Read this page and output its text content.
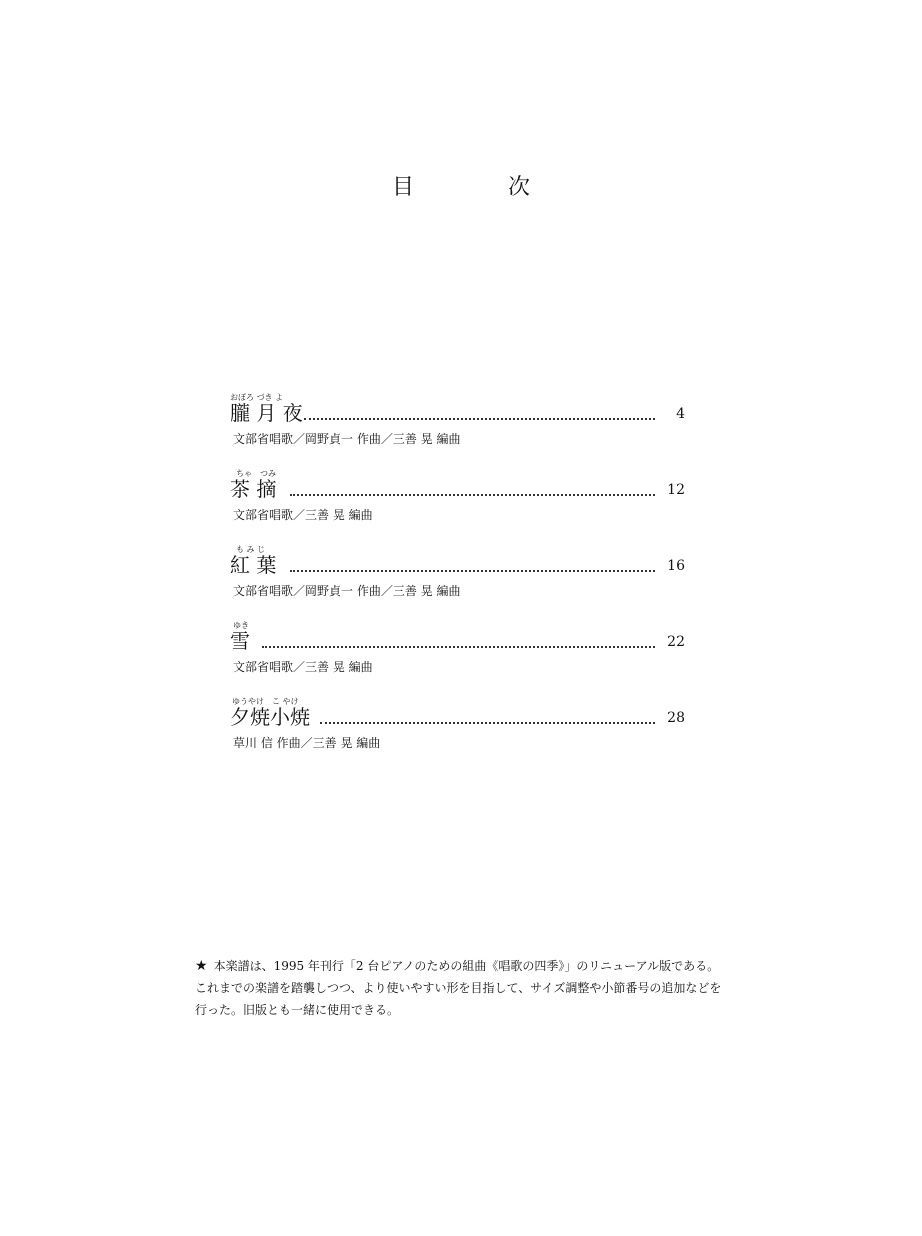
目　次
おぼろ づき よ
朧 月 夜	4
文部省唱歌／岡野貞一 作曲／三善 晃 編曲
ちゃ　つみ
茶 摘	12
文部省唱歌／三善 晃 編曲
も み じ
紅 葉	16
文部省唱歌／岡野貞一 作曲／三善 晃 編曲
ゆき
雪	22
文部省唱歌／三善 晃 編曲
ゆうやけ　こ やけ
夕焼小焼	28
草川 信 作曲／三善 晃 編曲

★ 本楽譜は、1995 年刊行「2 台ピアノのための組曲《唱歌の四季》」のリニューアル版である。

これまでの楽譜を踏襲しつつ、より使いやすい形を目指して、サイズ調整や小節番号の追加などを

行った。旧版とも一緒に使用できる。
